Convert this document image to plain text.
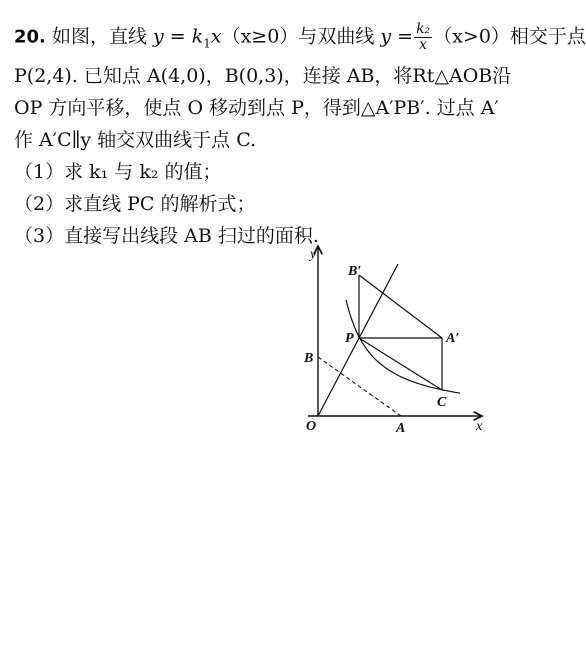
20. 如图，直线 $y = k_1x(x\ge 0)$与双曲线 $y = \frac{\text{k₂}}{x} (x>0)$相交于点
P(2,4). 已知点 A(4,0)，B(0,3)，连接 AB，将Rt△AOB沿
OP 方向平移，使点 O 移动到点 P，得到△A′PB′. 过点 A′
作 A′C∥y 轴交双曲线于点 C.
（1）求 k₁ 与 k₂ 的值；
（2）求直线 PC 的解析式；
（3）直接写出线段 AB 扫过的面积.
y
x
O	A
B
P	A′
B′
C
